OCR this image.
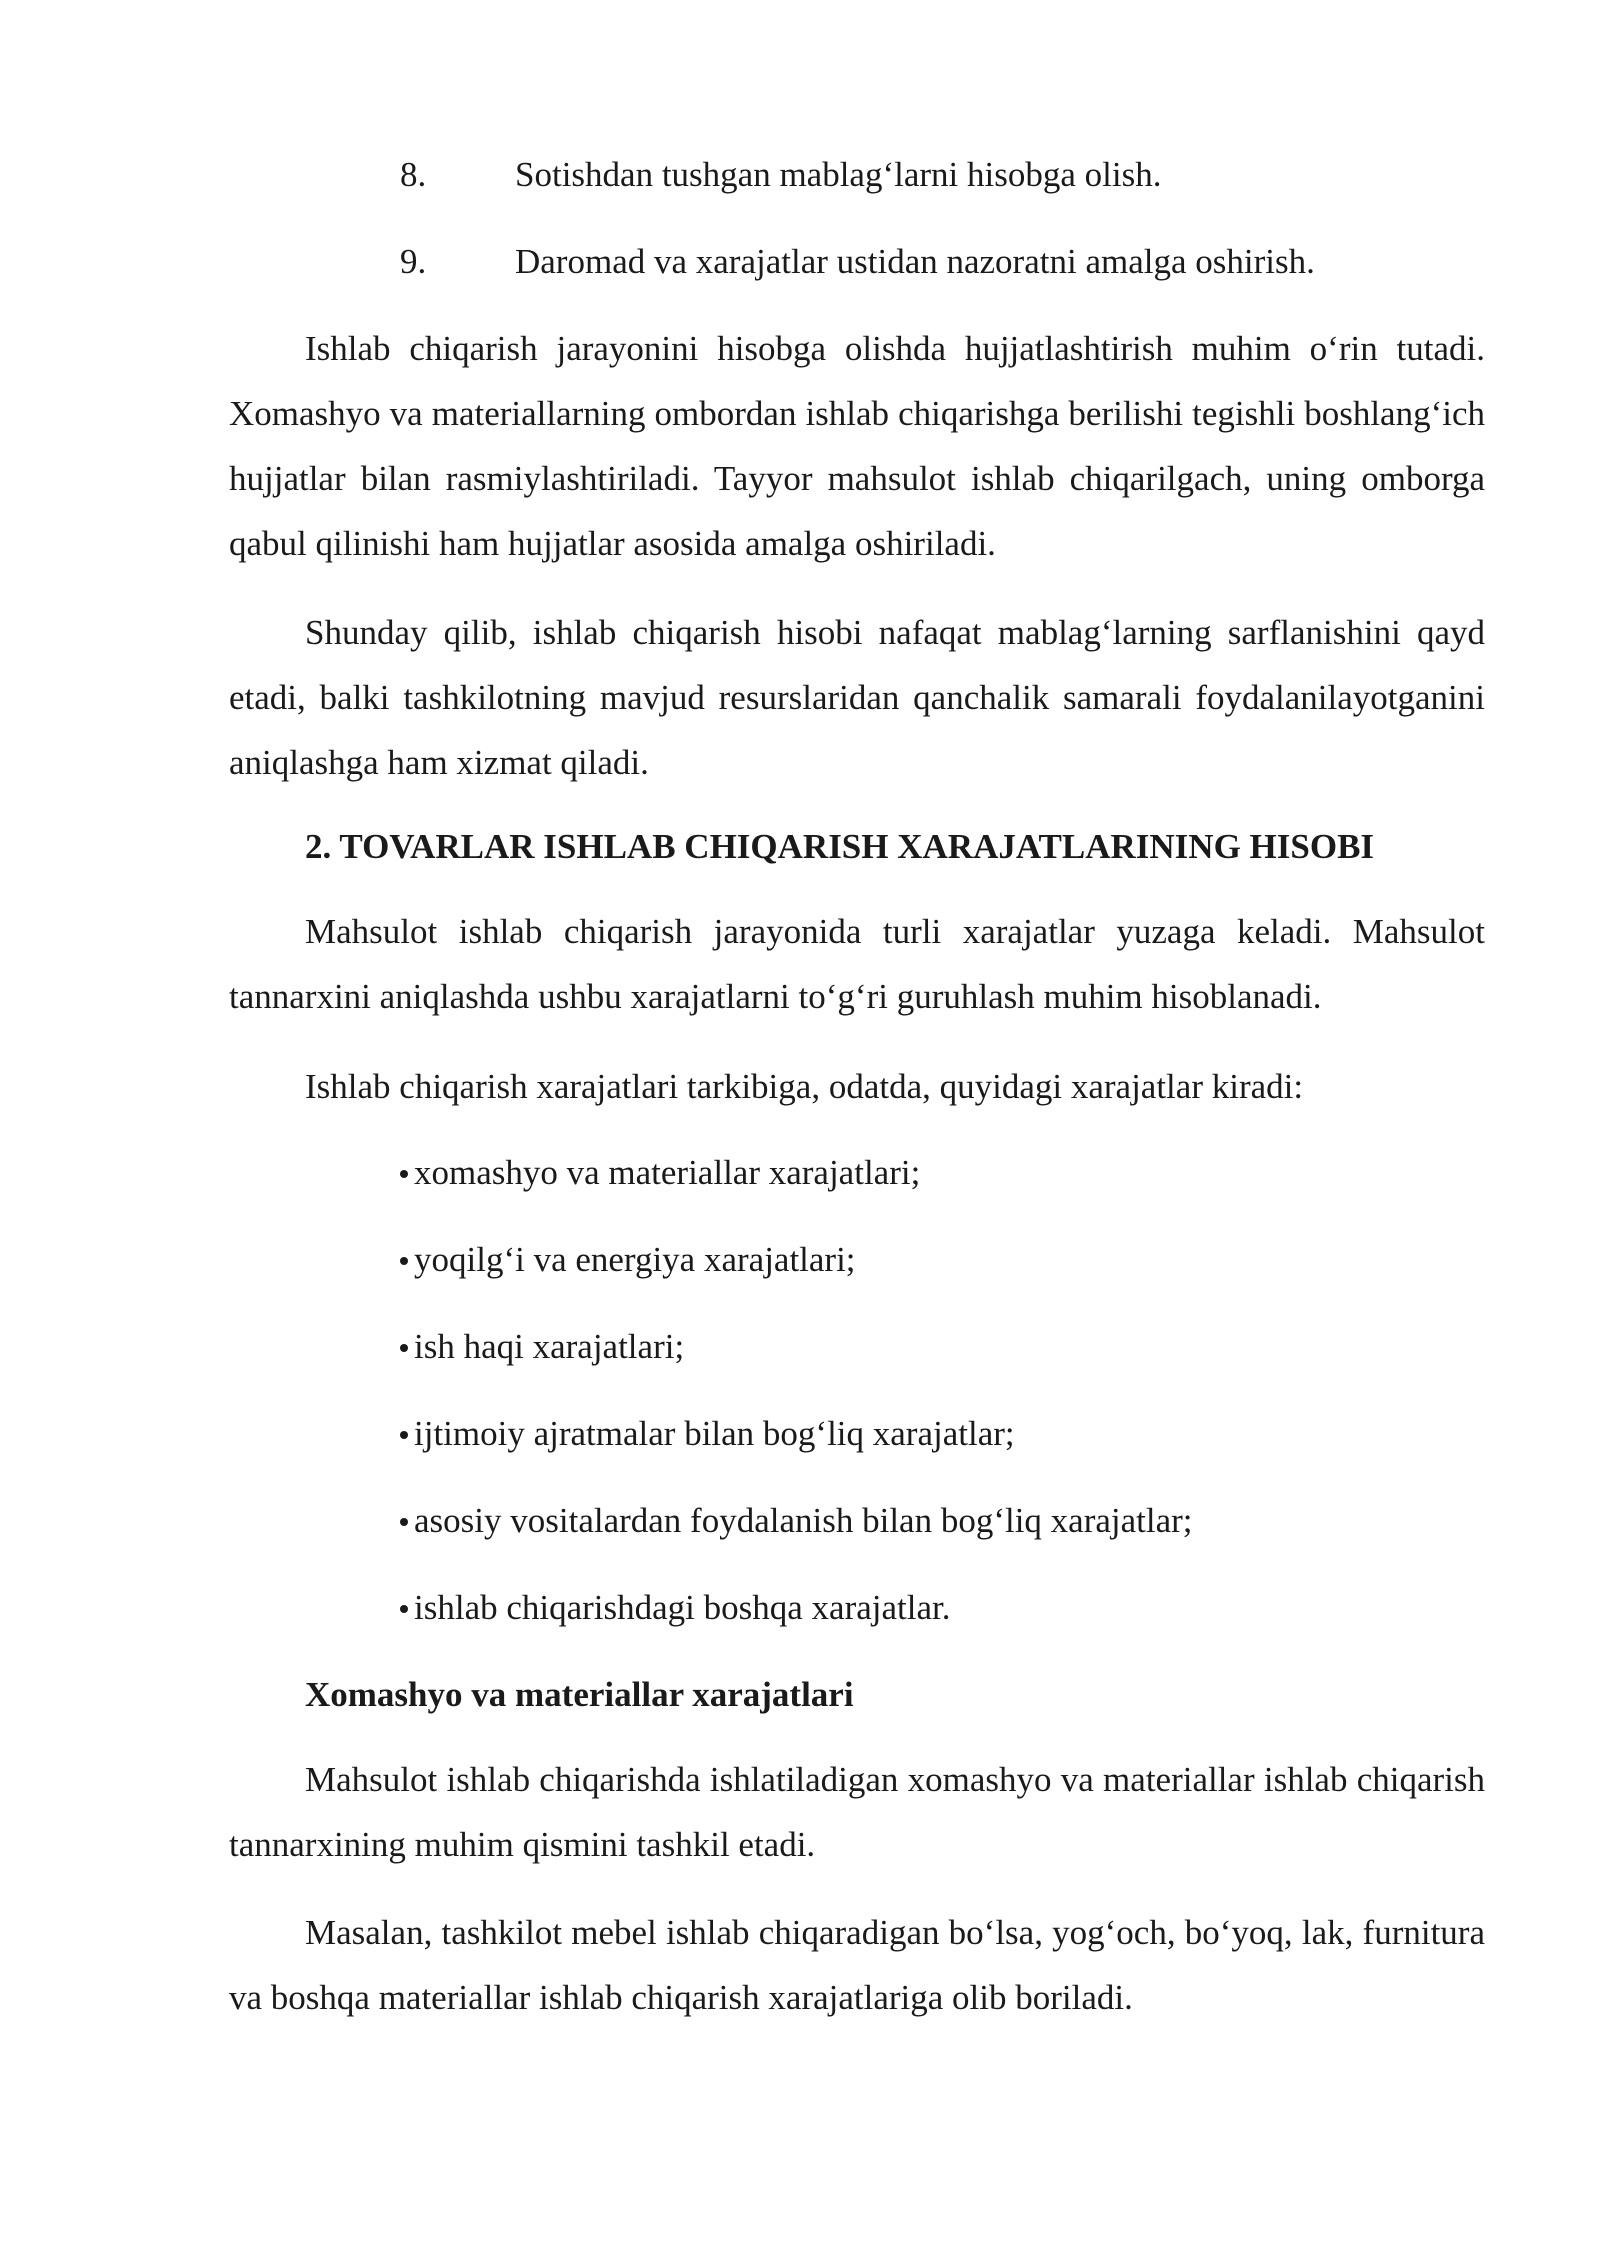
8.	Sotishdan tushgan mablag‘larni hisobga olish.
9.	Daromad va xarajatlar ustidan nazoratni amalga oshirish.

Ishlab chiqarish jarayonini hisobga olishda hujjatlashtirish muhim o‘rin tutadi. Xomashyo va materiallarning ombordan ishlab chiqarishga berilishi tegishli boshlang‘ich hujjatlar bilan rasmiylashtiriladi. Tayyor mahsulot ishlab chiqarilgach, uning omborga qabul qilinishi ham hujjatlar asosida amalga oshiriladi.

Shunday qilib, ishlab chiqarish hisobi nafaqat mablag‘larning sarflanishini qayd etadi, balki tashkilotning mavjud resurslaridan qanchalik samarali foydalanilayotganini aniqlashga ham xizmat qiladi.

2. TOVARLAR ISHLAB CHIQARISH XARAJATLARINING HISOBI

Mahsulot ishlab chiqarish jarayonida turli xarajatlar yuzaga keladi. Mahsulot tannarxini aniqlashda ushbu xarajatlarni to‘g‘ri guruhlash muhim hisoblanadi.

Ishlab chiqarish xarajatlari tarkibiga, odatda, quyidagi xarajatlar kiradi:

xomashyo va materiallar xarajatlari;
yoqilg‘i va energiya xarajatlari;
ish haqi xarajatlari;
ijtimoiy ajratmalar bilan bog‘liq xarajatlar;
asosiy vositalardan foydalanish bilan bog‘liq xarajatlar;
ishlab chiqarishdagi boshqa xarajatlar.
Xomashyo va materiallar xarajatlari

Mahsulot ishlab chiqarishda ishlatiladigan xomashyo va materiallar ishlab chiqarish tannarxining muhim qismini tashkil etadi.

Masalan, tashkilot mebel ishlab chiqaradigan bo‘lsa, yog‘och, bo‘yoq, lak, furnitura va boshqa materiallar ishlab chiqarish xarajatlariga olib boriladi.
